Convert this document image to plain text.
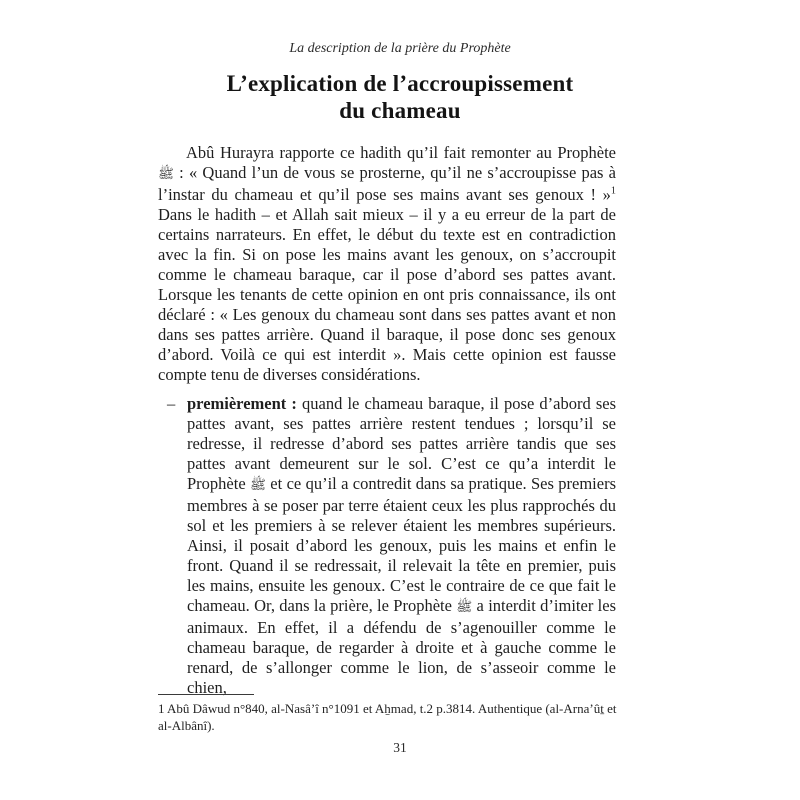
La description de la prière du Prophète
L’explication de l’accroupissement
du chameau

Abû Hurayra rapporte ce hadith qu’il fait remonter au Prophète ﷺ : « Quand l’un de vous se prosterne, qu’il ne s’accroupisse pas à l’instar du chameau et qu’il pose ses mains avant ses genoux ! »$^1$ Dans le hadith – et Allah sait mieux – il y a eu erreur de la part de certains narrateurs. En effet, le début du texte est en contradiction avec la fin. Si on pose les mains avant les genoux, on s’accroupit comme le chameau baraque, car il pose d’abord ses pattes avant. Lorsque les tenants de cette opinion en ont pris connaissance, ils ont déclaré : « Les genoux du chameau sont dans ses pattes avant et non dans ses pattes arrière. Quand il baraque, il pose donc ses genoux d’abord. Voilà ce qui est interdit ». Mais cette opinion est fausse compte tenu de diverses considérations.

– premièrement : quand le chameau baraque, il pose d’abord ses pattes avant, ses pattes arrière restent tendues ; lorsqu’il se redresse, il redresse d’abord ses pattes arrière tandis que ses pattes avant demeurent sur le sol. C’est ce qu’a interdit le Prophète ﷺ et ce qu’il a contredit dans sa pratique. Ses premiers membres à se poser par terre étaient ceux les plus rapprochés du sol et les premiers à se relever étaient les membres supérieurs. Ainsi, il posait d’abord les genoux, puis les mains et enfin le front. Quand il se redressait, il relevait la tête en premier, puis les mains, ensuite les genoux. C’est le contraire de ce que fait le chameau. Or, dans la prière, le Prophète ﷺ a interdit d’imiter les animaux. En effet, il a défendu de s’agenouiller comme le chameau baraque, de regarder à droite et à gauche comme le renard, de s’allonger comme le lion, de s’asseoir comme le chien,
1 Abû Dâwud n°840, al-Nasâ’î n°1091 et Aẖmad, t.2 p.3814. Authentique (al-Arna’ûṯ et al-Albânî).
31
